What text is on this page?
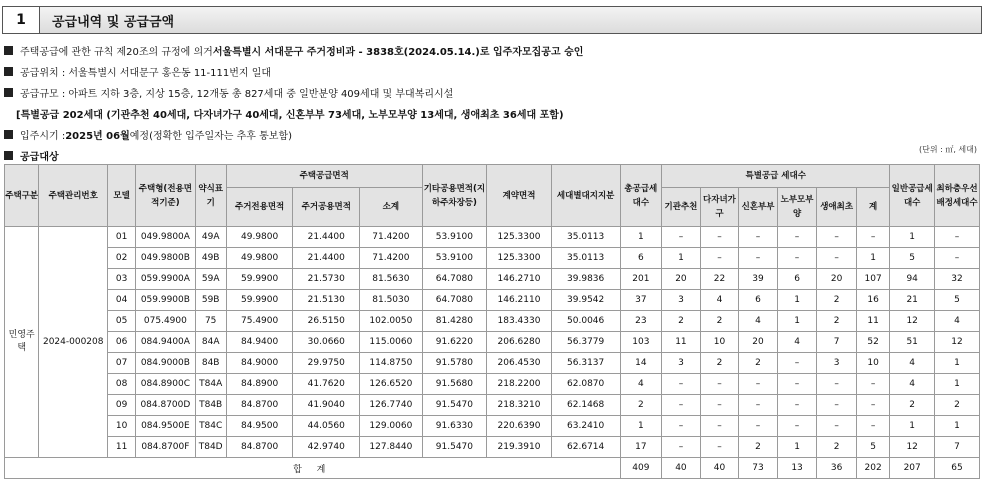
1	공급내역 및 공급금액
주택공급에 관한 규칙 제20조의 규정에 의거 서울특별시 서대문구 주거정비과 - 3838호(2024.05.14.)로 입주자모집공고 승인
공급위치 : 서울특별시 서대문구 홍은동 11-111번지 일대
공급규모 : 아파트 지하 3층, 지상 15층, 12개동 총 827세대 중 일반분양 409세대 및 부대복리시설
[특별공급 202세대 (기관추천 40세대, 다자녀가구 40세대, 신혼부부 73세대, 노부모부양 13세대, 생애최초 36세대 포함)
입주시기 : 2025년 06월 예정(정확한 입주일자는 추후 통보함)
공급대상
(단위 : ㎡, 세대)
주택구분	주택관리번호	모델	주택형(전용면적기준)	약식표기	주택공급면적			기타공용면적(지하주차장등)	계약면적	세대별대지지분	총공급세대수	특별공급 세대수						일반공급세대수	최하층우선배정세대수
					주거전용면적	주거공용면적	소계					기관추천	다자녀가구	신혼부부	노부모부양	생애최초	계		
민영주택	2024-000208	01	049.9800A	49A	49.9800	21.4400	71.4200	53.9100	125.3300	35.0113	1	–	–	–	–	–	–	1	–
		02	049.9800B	49B	49.9800	21.4400	71.4200	53.9100	125.3300	35.0113	6	1	–	–	–	–	1	5	–
		03	059.9900A	59A	59.9900	21.5730	81.5630	64.7080	146.2710	39.9836	201	20	22	39	6	20	107	94	32
		04	059.9900B	59B	59.9900	21.5130	81.5030	64.7080	146.2110	39.9542	37	3	4	6	1	2	16	21	5
		05	075.4900	75	75.4900	26.5150	102.0050	81.4280	183.4330	50.0046	23	2	2	4	1	2	11	12	4
		06	084.9400A	84A	84.9400	30.0660	115.0060	91.6220	206.6280	56.3779	103	11	10	20	4	7	52	51	12
		07	084.9000B	84B	84.9000	29.9750	114.8750	91.5780	206.4530	56.3137	14	3	2	2	–	3	10	4	1
		08	084.8900C	T84A	84.8900	41.7620	126.6520	91.5680	218.2200	62.0870	4	–	–	–	–	–	–	4	1
		09	084.8700D	T84B	84.8700	41.9040	126.7740	91.5470	218.3210	62.1468	2	–	–	–	–	–	–	2	2
		10	084.9500E	T84C	84.9500	44.0560	129.0060	91.6330	220.6390	63.2410	1	–	–	–	–	–	–	1	1
		11	084.8700F	T84D	84.8700	42.9740	127.8440	91.5470	219.3910	62.6714	17	–	–	2	1	2	5	12	7
합 계											409	40	40	73	13	36	202	207	65
